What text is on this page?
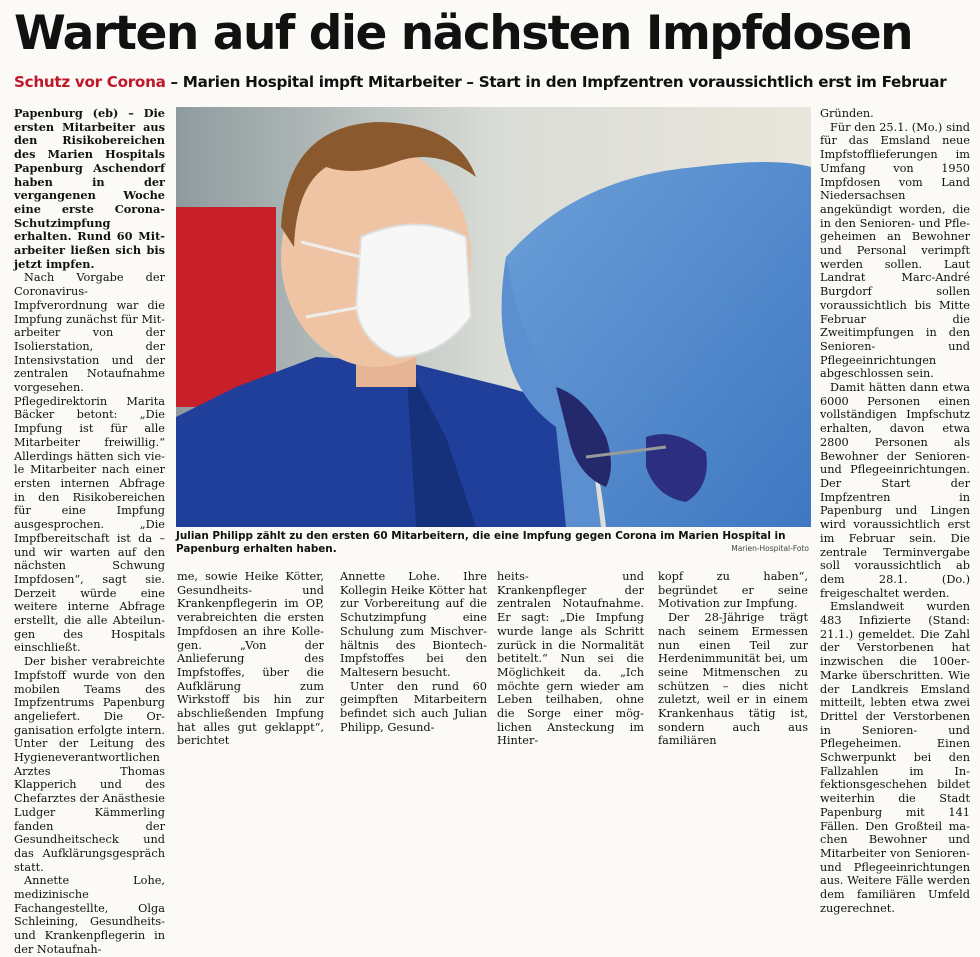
Warten auf die nächsten Impfdosen
Schutz vor Corona – Marien Hospital impft Mitarbeiter – Start in den Impfzentren voraussichtlich erst im Februar

Papenburg (eb) – Die ersten Mitarbeiter aus den Risikobereichen des Marien Hospitals Papenburg Aschendorf haben in der vergangenen Woche eine erste Corona-Schutzimpfung erhalten. Rund 60 Mitarbeiter ließen sich bis jetzt impfen.

Nach Vorgabe der Coronavirus-Impfverordnung war die Impfung zunächst für Mitarbeiter von der Isolierstation, der Intensivstation und der zentralen Notaufnahme vorgesehen. Pflegedirektorin Marita Bäcker betont: „Die Impfung ist für alle Mitarbeiter freiwillig.“ Allerdings hätten sich viele Mitarbeiter nach einer ersten internen Abfrage in den Risikobereichen für eine Impfung ausgesprochen. „Die Impfbereitschaft ist da – und wir warten auf den nächsten Schwung Impfdosen“, sagt sie. Derzeit würde eine weitere interne Abfrage erstellt, die alle Abteilungen des Hospitals einschließt.

Der bisher verabreichte Impfstoff wurde von den mobilen Teams des Impfzentrums Papenburg angeliefert. Die Organisation erfolgte intern. Unter der Leitung des Hygieneverantwortlichen Arztes Thomas Klapperich und des Chefarztes der Anästhesie Ludger Kämmerling fanden der Gesundheitscheck und das Aufklärungsgespräch statt.

Annette Lohe, medizinische Fachangestellte, Olga Schleining, Gesundheits- und Krankenpflegerin in der Notaufnah-

Julian Philipp zählt zu den ersten 60 Mitarbeitern, die eine Impfung gegen Corona im Marien Hospital in Papenburg erhalten haben.	Marien-Hospital-Foto

me, sowie Heike Kötter, Gesundheits- und Krankenpflegerin im OP, verabreichten die ersten Impfdosen an ihre Kollegen. „Von der Anlieferung des Impfstoffes, über die Aufklärung zum Wirkstoff bis hin zur abschließenden Impfung hat alles gut geklappt“, berichtet

Annette Lohe. Ihre Kollegin Heike Kötter hat zur Vorbereitung auf die Schutzimpfung eine Schulung zum Mischverhältnis des Biontech-Impfstoffes bei den Maltesern besucht.

Unter den rund 60 geimpften Mitarbeitern befindet sich auch Julian Philipp, Gesund-

heits- und Krankenpfleger der zentralen Notaufnahme. Er sagt: „Die Impfung wurde lange als Schritt zurück in die Normalität betitelt.“ Nun sei die Möglichkeit da. „Ich möchte gern wieder am Leben teilhaben, ohne die Sorge einer möglichen Ansteckung im Hinter-

kopf zu haben“, begründet er seine Motivation zur Impfung.

Der 28-Jährige trägt nach seinem Ermessen nun einen Teil zur Herdenimmunität bei, um seine Mitmenschen zu schützen – dies nicht zuletzt, weil er in einem Krankenhaus tätig ist, sondern auch aus familiären

Gründen.

Für den 25.1. (Mo.) sind für das Emsland neue Impfstofflieferungen im Umfang von 1950 Impfdosen vom Land Niedersachsen angekündigt worden, die in den Senioren- und Pflegeheimen an Bewohner und Personal verimpft werden sollen. Laut Landrat Marc-André Burgdorf sollen voraussichtlich bis Mitte Februar die Zweitimpfungen in den Senioren- und Pflegeeinrichtungen abgeschlossen sein.

Damit hätten dann etwa 6000 Personen einen vollständigen Impfschutz erhalten, davon etwa 2800 Personen als Bewohner der Senioren- und Pflegeeinrichtungen. Der Start der Impfzentren in Papenburg und Lingen wird voraussichtlich erst im Februar sein. Die zentrale Terminvergabe soll voraussichtlich ab dem 28.1. (Do.) freigeschaltet werden.

Emslandweit wurden 483 Infizierte (Stand: 21.1.) gemeldet. Die Zahl der Verstorbenen hat inzwischen die 100er-Marke überschritten. Wie der Landkreis Emsland mitteilt, lebten etwa zwei Drittel der Verstorbenen in Senioren- und Pflegeheimen. Einen Schwerpunkt bei den Fallzahlen im Infektionsgeschehen bildet weiterhin die Stadt Papenburg mit 141 Fällen. Den Großteil machen Bewohner und Mitarbeiter von Senioren- und Pflegeeinrichtungen aus. Weitere Fälle werden dem familiären Umfeld zugerechnet.
